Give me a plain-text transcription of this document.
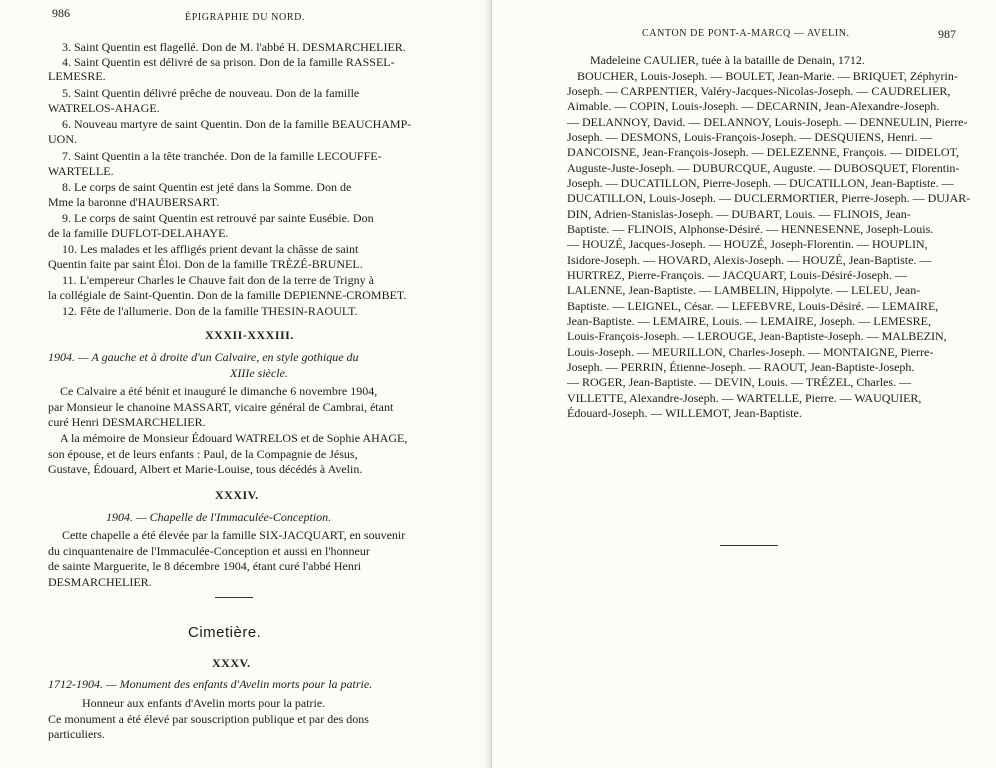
986	ÉPIGRAPHIE DU NORD.
3. Saint Quentin est flagellé. Don de M. l'abbé H. DESMARCHELIER.
4. Saint Quentin est délivré de sa prison. Don de la famille RASSEL-
LEMESRE.
5. Saint Quentin délivré prêche de nouveau. Don de la famille
WATRELOS-AHAGE.
6. Nouveau martyre de saint Quentin. Don de la famille BEAUCHAMP-
UON.
7. Saint Quentin a la tête tranchée. Don de la famille LECOUFFE-
WARTELLE.
8. Le corps de saint Quentin est jeté dans la Somme. Don de
Mme la baronne d'HAUBERSART.
9. Le corps de saint Quentin est retrouvé par sainte Eusébie. Don
de la famille DUFLOT-DELAHAYE.
10. Les malades et les affligés prient devant la châsse de saint
Quentin faite par saint Éloi. Don de la famille TRÈZÉ-BRUNEL.
11. L'empereur Charles le Chauve fait don de la terre de Trigny à
la collégiale de Saint-Quentin. Don de la famille DEPIENNE-CROMBET.
12. Fête de l'allumerie. Don de la famille THESIN-RAOULT.
XXXII-XXXIII.
1904. — A gauche et à droite d'un Calvaire, en style gothique du
XIIIe siècle.
Ce Calvaire a été bénit et inauguré le dimanche 6 novembre 1904,
par Monsieur le chanoine MASSART, vicaire général de Cambrai, étant
curé Henri DESMARCHELIER.
A la mémoire de Monsieur Édouard WATRELOS et de Sophie AHAGE,
son épouse, et de leurs enfants : Paul, de la Compagnie de Jésus,
Gustave, Édouard, Albert et Marie-Louise, tous décédés à Avelin.
XXXIV.
1904. — Chapelle de l'Immaculée-Conception.
Cette chapelle a été élevée par la famille SIX-JACQUART, en souvenir
du cinquantenaire de l'Immaculée-Conception et aussi en l'honneur
de sainte Marguerite, le 8 décembre 1904, étant curé l'abbé Henri
DESMARCHELIER.
Cimetière.
XXXV.
1712-1904. — Monument des enfants d'Avelin morts pour la patrie.
Honneur aux enfants d'Avelin morts pour la patrie.
Ce monument a été élevé par souscription publique et par des dons
particuliers.
CANTON DE PONT-A-MARCQ — AVELIN.	987
Madeleine CAULIER, tuée à la bataille de Denain, 1712.
BOUCHER, Louis-Joseph. — BOULET, Jean-Marie. — BRIQUET, Zéphyrin-
Joseph. — CARPENTIER, Valéry-Jacques-Nicolas-Joseph. — CAUDRELIER,
Aimable. — COPIN, Louis-Joseph. — DECARNIN, Jean-Alexandre-Joseph.
— DELANNOY, David. — DELANNOY, Louis-Joseph. — DENNEULIN, Pierre-
Joseph. — DESMONS, Louis-François-Joseph. — DESQUIENS, Henri. —
DANCOISNE, Jean-François-Joseph. — DELEZENNE, François. — DIDELOT,
Auguste-Juste-Joseph. — DUBURCQUE, Auguste. — DUBOSQUET, Florentin-
Joseph. — DUCATILLON, Pierre-Joseph. — DUCATILLON, Jean-Baptiste. —
DUCATILLON, Louis-Joseph. — DUCLERMORTIER, Pierre-Joseph. — DUJAR-
DIN, Adrien-Stanislas-Joseph. — DUBART, Louis. — FLINOIS, Jean-
Baptiste. — FLINOIS, Alphonse-Désiré. — HENNESENNE, Joseph-Louis.
— HOUZÉ, Jacques-Joseph. — HOUZÉ, Joseph-Florentin. — HOUPLIN,
Isidore-Joseph. — HOVARD, Alexis-Joseph. — HOUZÉ, Jean-Baptiste. —
HURTREZ, Pierre-François. — JACQUART, Louis-Désiré-Joseph. —
LALENNE, Jean-Baptiste. — LAMBELIN, Hippolyte. — LELEU, Jean-
Baptiste. — LEIGNEL, César. — LEFEBVRE, Louis-Désiré. — LEMAIRE,
Jean-Baptiste. — LEMAIRE, Louis. — LEMAIRE, Joseph. — LEMESRE,
Louis-François-Joseph. — LEROUGE, Jean-Baptiste-Joseph. — MALBEZIN,
Louis-Joseph. — MEURILLON, Charles-Joseph. — MONTAIGNE, Pierre-
Joseph. — PERRIN, Étienne-Joseph. — RAOUT, Jean-Baptiste-Joseph.
— ROGER, Jean-Baptiste. — DEVIN, Louis. — TRÉZEL, Charles. —
VILLETTE, Alexandre-Joseph. — WARTELLE, Pierre. — WAUQUIER,
Édouard-Joseph. — WILLEMOT, Jean-Baptiste.
